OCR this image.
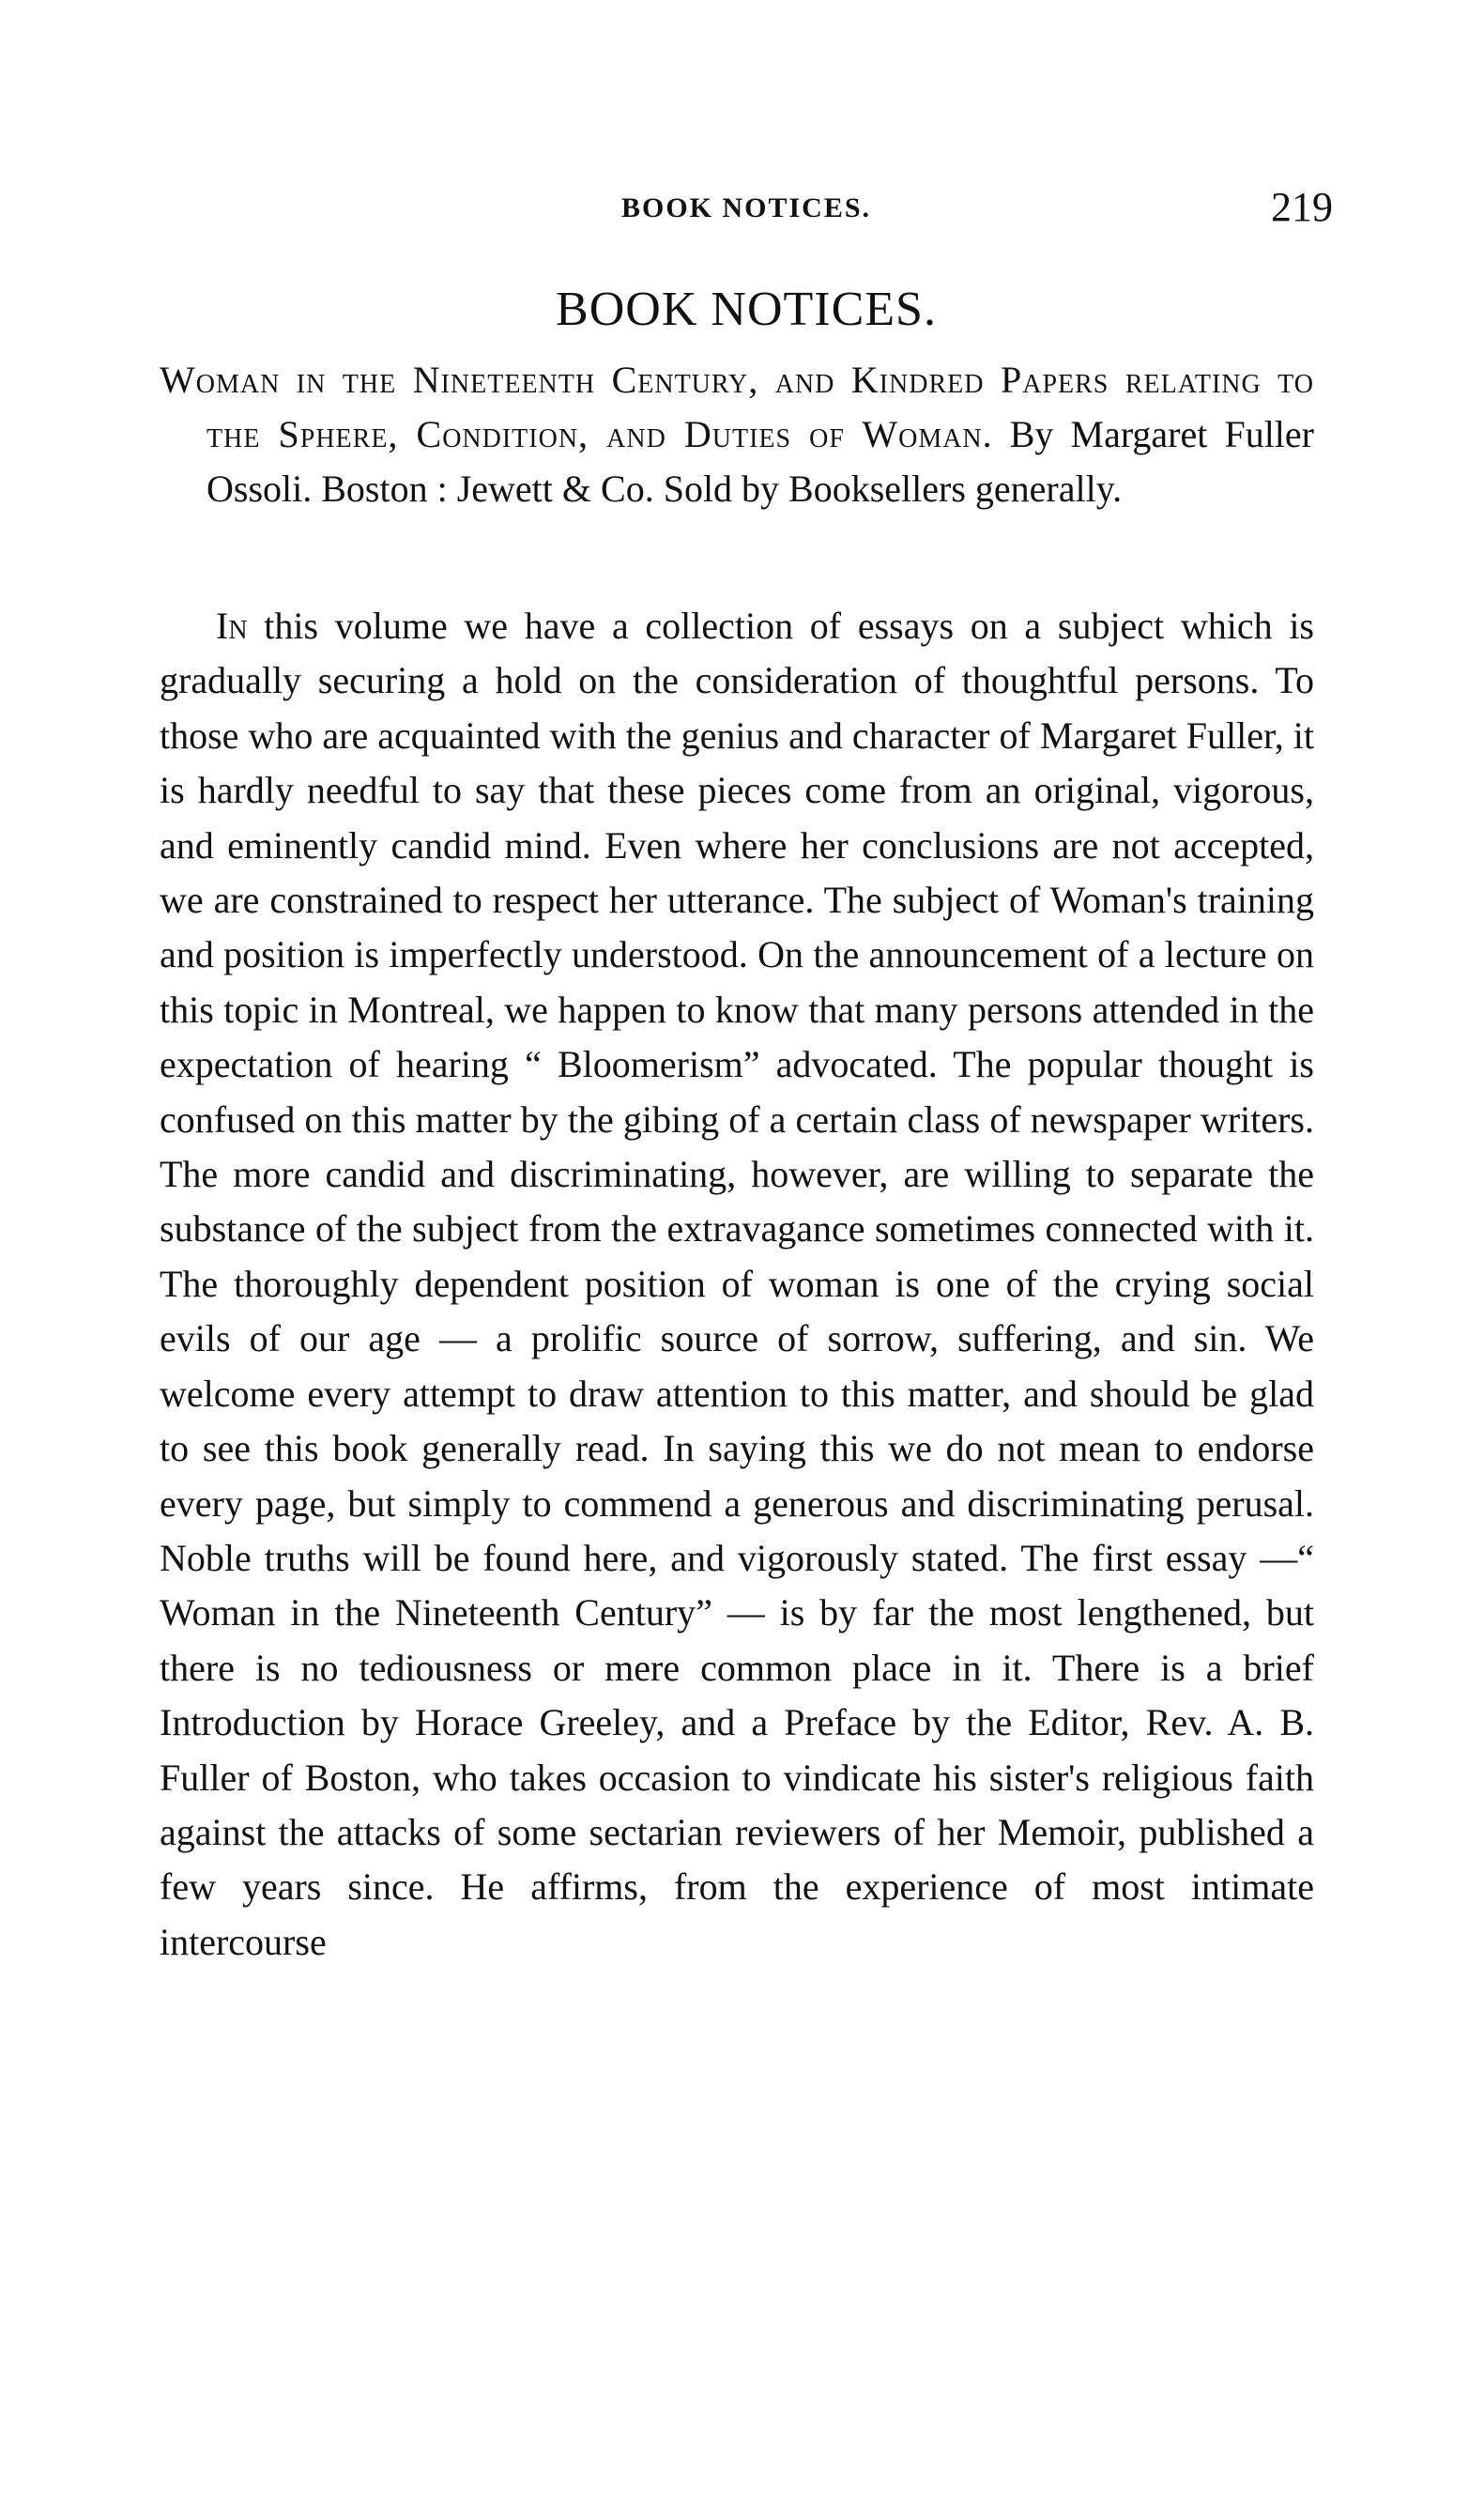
BOOK NOTICES.	219
BOOK NOTICES.
Woman in the Nineteenth Century, and Kindred Papers relating to the Sphere, Condition, and Duties of Woman. By Margaret Fuller Ossoli. Boston : Jewett & Co. Sold by Booksellers generally.

In this volume we have a collection of essays on a subject which is gradually securing a hold on the consideration of thoughtful persons. To those who are acquainted with the genius and character of Margaret Fuller, it is hardly needful to say that these pieces come from an original, vigorous, and eminently candid mind. Even where her conclusions are not accepted, we are constrained to respect her utterance. The subject of Woman's training and position is imperfectly understood. On the announcement of a lecture on this topic in Montreal, we happen to know that many persons attended in the expectation of hearing “ Bloomerism” advocated. The popular thought is confused on this matter by the gibing of a certain class of newspaper writers. The more candid and discriminating, however, are willing to separate the substance of the subject from the extravagance sometimes connected with it. The thoroughly dependent position of woman is one of the crying social evils of our age — a prolific source of sorrow, suffering, and sin. We welcome every attempt to draw attention to this matter, and should be glad to see this book generally read. In saying this we do not mean to endorse every page, but simply to commend a generous and discriminating perusal. Noble truths will be found here, and vigorously stated. The first essay —“ Woman in the Nineteenth Century” — is by far the most lengthened, but there is no tediousness or mere common place in it. There is a brief Introduction by Horace Greeley, and a Preface by the Editor, Rev. A. B. Fuller of Boston, who takes occasion to vindicate his sister's religious faith against the attacks of some sectarian reviewers of her Memoir, published a few years since. He affirms, from the experience of most intimate intercourse
